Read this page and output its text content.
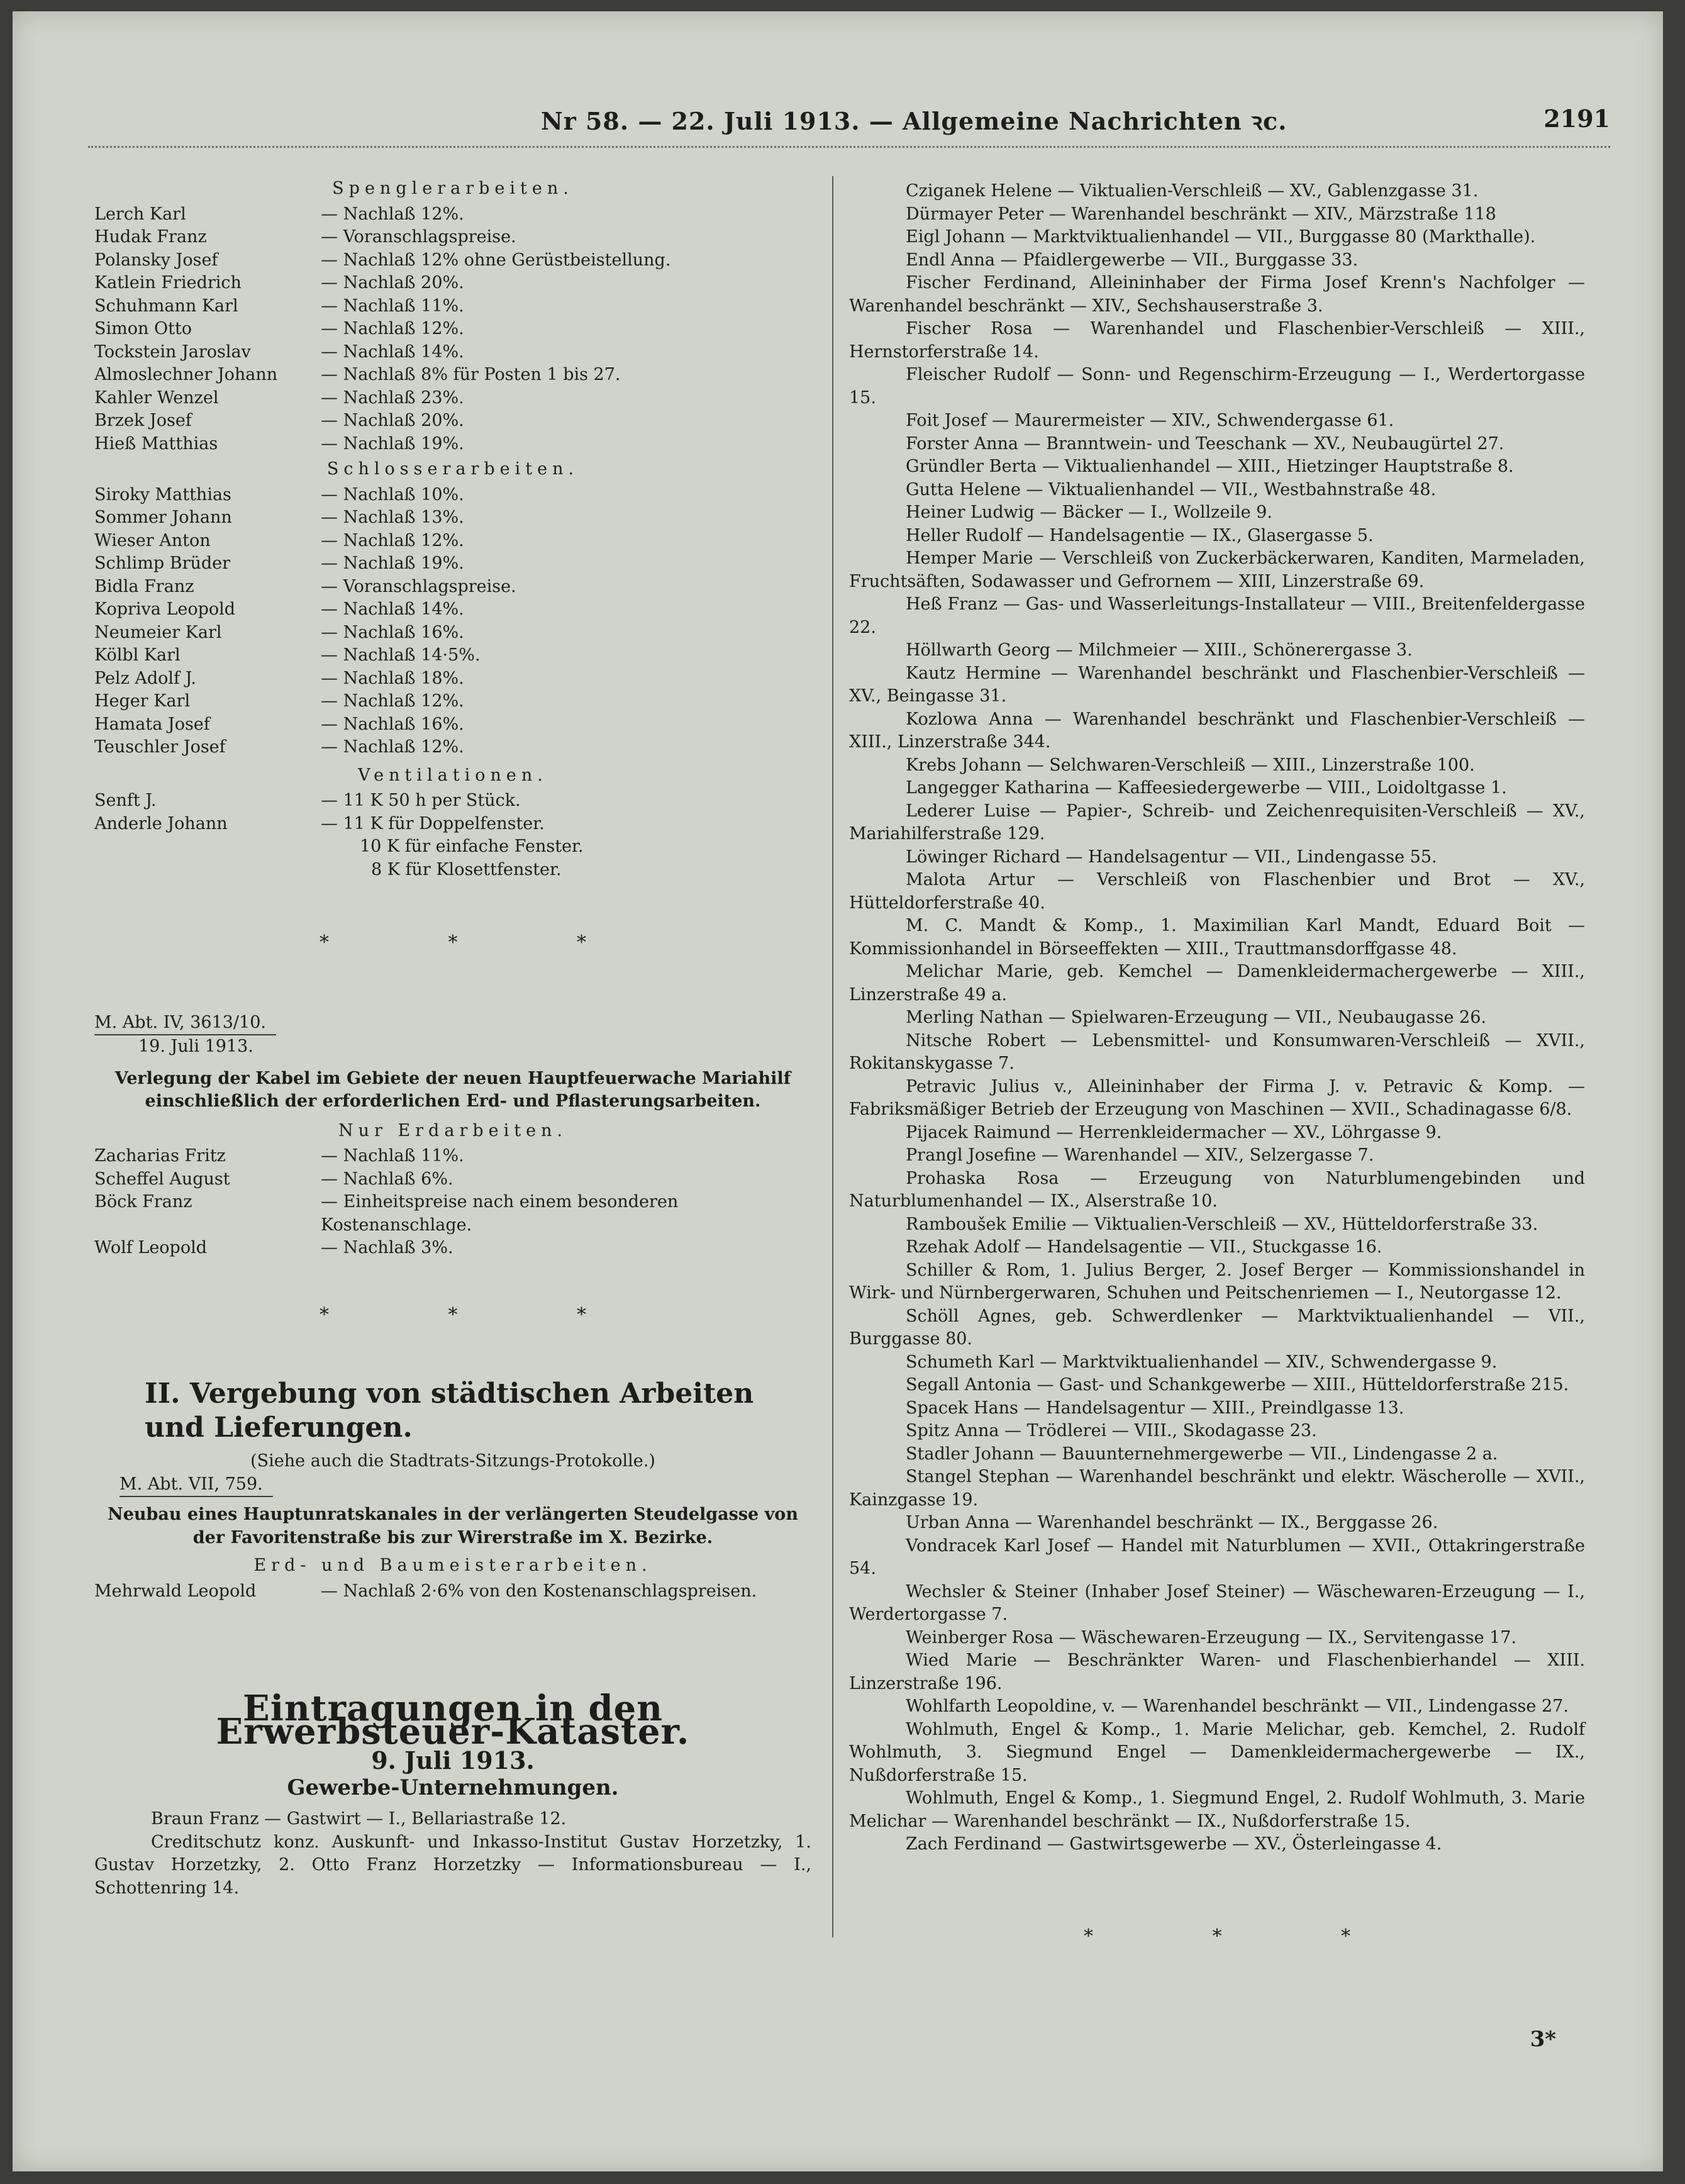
Nr 58. — 22. Juli 1913. — Allgemeine Nachrichten ꝛc.	2191
Spenglerarbeiten.
Lerch Karl	— Nachlaß 12%.
Hudak Franz	— Voranschlagspreise.
Polansky Josef	— Nachlaß 12% ohne Gerüstbeistellung.
Katlein Friedrich	— Nachlaß 20%.
Schuhmann Karl	— Nachlaß 11%.
Simon Otto	— Nachlaß 12%.
Tockstein Jaroslav	— Nachlaß 14%.
Almoslechner Johann	— Nachlaß 8% für Posten 1 bis 27.
Kahler Wenzel	— Nachlaß 23%.
Brzek Josef	— Nachlaß 20%.
Hieß Matthias	— Nachlaß 19%.
Schlosserarbeiten.
Siroky Matthias	— Nachlaß 10%.
Sommer Johann	— Nachlaß 13%.
Wieser Anton	— Nachlaß 12%.
Schlimp Brüder	— Nachlaß 19%.
Bidla Franz	— Voranschlagspreise.
Kopriva Leopold	— Nachlaß 14%.
Neumeier Karl	— Nachlaß 16%.
Kölbl Karl	— Nachlaß 14·5%.
Pelz Adolf J.	— Nachlaß 18%.
Heger Karl	— Nachlaß 12%.
Hamata Josef	— Nachlaß 16%.
Teuschler Josef	— Nachlaß 12%.
Ventilationen.
Senft J.	— 11 K 50 h per Stück.
Anderle Johann	— 11 K für Doppelfenster.
10 K für einfache Fenster.
8 K für Klosettfenster.
* * *
M. Abt. IV, 3613/10.
19. Juli 1913.
Verlegung der Kabel im Gebiete der neuen Hauptfeuerwache Mariahilf einschließlich der erforderlichen Erd- und Pflasterungsarbeiten.
Nur Erdarbeiten.
Zacharias Fritz	— Nachlaß 11%.
Scheffel August	— Nachlaß 6%.
Böck Franz	— Einheitspreise nach einem besonderen Kostenanschlage.
Wolf Leopold	— Nachlaß 3%.
* * *
II. Vergebung von städtischen Arbeiten und Lieferungen.
(Siehe auch die Stadtrats-Sitzungs-Protokolle.)
M. Abt. VII, 759.
Neubau eines Hauptunratskanales in der verlängerten Steudelgasse von der Favoritenstraße bis zur Wirerstraße im X. Bezirke.
Erd- und Baumeisterarbeiten.
Mehrwald Leopold	— Nachlaß 2·6% von den Kostenanschlagspreisen.
Eintragungen in den Erwerbsteuer-Kataster.
9. Juli 1913.
Gewerbe-Unternehmungen.
Braun Franz — Gastwirt — I., Bellariastraße 12.
Creditschutz konz. Auskunft- und Inkasso-Institut Gustav Horzetzky, 1. Gustav Horzetzky, 2. Otto Franz Horzetzky — Informationsbureau — I., Schottenring 14.
Cziganek Helene — Viktualien-Verschleiß — XV., Gablenzgasse 31.
Dürmayer Peter — Warenhandel beschränkt — XIV., Märzstraße 118
Eigl Johann — Marktviktualienhandel — VII., Burggasse 80 (Markthalle).
Endl Anna — Pfaidlergewerbe — VII., Burggasse 33.
Fischer Ferdinand, Alleininhaber der Firma Josef Krenn's Nachfolger — Warenhandel beschränkt — XIV., Sechshauserstraße 3.
Fischer Rosa — Warenhandel und Flaschenbier-Verschleiß — XIII., Hernstorferstraße 14.
Fleischer Rudolf — Sonn- und Regenschirm-Erzeugung — I., Werdertorgasse 15.
Foit Josef — Maurermeister — XIV., Schwendergasse 61.
Forster Anna — Branntwein- und Teeschank — XV., Neubaugürtel 27.
Gründler Berta — Viktualienhandel — XIII., Hietzinger Hauptstraße 8.
Gutta Helene — Viktualienhandel — VII., Westbahnstraße 48.
Heiner Ludwig — Bäcker — I., Wollzeile 9.
Heller Rudolf — Handelsagentie — IX., Glasergasse 5.
Hemper Marie — Verschleiß von Zuckerbäckerwaren, Kanditen, Marmeladen, Fruchtsäften, Sodawasser und Gefrornem — XIII, Linzerstraße 69.
Heß Franz — Gas- und Wasserleitungs-Installateur — VIII., Breitenfeldergasse 22.
Höllwarth Georg — Milchmeier — XIII., Schönerergasse 3.
Kautz Hermine — Warenhandel beschränkt und Flaschenbier-Verschleiß — XV., Beingasse 31.
Kozlowa Anna — Warenhandel beschränkt und Flaschenbier-Verschleiß — XIII., Linzerstraße 344.
Krebs Johann — Selchwaren-Verschleiß — XIII., Linzerstraße 100.
Langegger Katharina — Kaffeesiedergewerbe — VIII., Loidoltgasse 1.
Lederer Luise — Papier-, Schreib- und Zeichenrequisiten-Verschleiß — XV., Mariahilferstraße 129.
Löwinger Richard — Handelsagentur — VII., Lindengasse 55.
Malota Artur — Verschleiß von Flaschenbier und Brot — XV., Hütteldorferstraße 40.
M. C. Mandt & Komp., 1. Maximilian Karl Mandt, Eduard Boit — Kommissionhandel in Börseeffekten — XIII., Trauttmansdorffgasse 48.
Melichar Marie, geb. Kemchel — Damenkleidermachergewerbe — XIII., Linzerstraße 49 a.
Merling Nathan — Spielwaren-Erzeugung — VII., Neubaugasse 26.
Nitsche Robert — Lebensmittel- und Konsumwaren-Verschleiß — XVII., Rokitanskygasse 7.
Petravic Julius v., Alleininhaber der Firma J. v. Petravic & Komp. — Fabriksmäßiger Betrieb der Erzeugung von Maschinen — XVII., Schadinagasse 6/8.
Pijacek Raimund — Herrenkleidermacher — XV., Löhrgasse 9.
Prangl Josefine — Warenhandel — XIV., Selzergasse 7.
Prohaska Rosa — Erzeugung von Naturblumengebinden und Naturblumenhandel — IX., Alserstraße 10.
Ramboušek Emilie — Viktualien-Verschleiß — XV., Hütteldorferstraße 33.
Rzehak Adolf — Handelsagentie — VII., Stuckgasse 16.
Schiller & Rom, 1. Julius Berger, 2. Josef Berger — Kommissionshandel in Wirk- und Nürnbergerwaren, Schuhen und Peitschenriemen — I., Neutorgasse 12.
Schöll Agnes, geb. Schwerdlenker — Marktviktualienhandel — VII., Burggasse 80.
Schumeth Karl — Marktviktualienhandel — XIV., Schwendergasse 9.
Segall Antonia — Gast- und Schankgewerbe — XIII., Hütteldorferstraße 215.
Spacek Hans — Handelsagentur — XIII., Preindlgasse 13.
Spitz Anna — Trödlerei — VIII., Skodagasse 23.
Stadler Johann — Bauunternehmergewerbe — VII., Lindengasse 2 a.
Stangel Stephan — Warenhandel beschränkt und elektr. Wäscherolle — XVII., Kainzgasse 19.
Urban Anna — Warenhandel beschränkt — IX., Berggasse 26.
Vondracek Karl Josef — Handel mit Naturblumen — XVII., Ottakringerstraße 54.
Wechsler & Steiner (Inhaber Josef Steiner) — Wäschewaren-Erzeugung — I., Werdertorgasse 7.
Weinberger Rosa — Wäschewaren-Erzeugung — IX., Servitengasse 17.
Wied Marie — Beschränkter Waren- und Flaschenbierhandel — XIII. Linzerstraße 196.
Wohlfarth Leopoldine, v. — Warenhandel beschränkt — VII., Lindengasse 27.
Wohlmuth, Engel & Komp., 1. Marie Melichar, geb. Kemchel, 2. Rudolf Wohlmuth, 3. Siegmund Engel — Damenkleidermachergewerbe — IX., Nußdorferstraße 15.
Wohlmuth, Engel & Komp., 1. Siegmund Engel, 2. Rudolf Wohlmuth, 3. Marie Melichar — Warenhandel beschränkt — IX., Nußdorferstraße 15.
Zach Ferdinand — Gastwirtsgewerbe — XV., Österleingasse 4.
* * *
3*
